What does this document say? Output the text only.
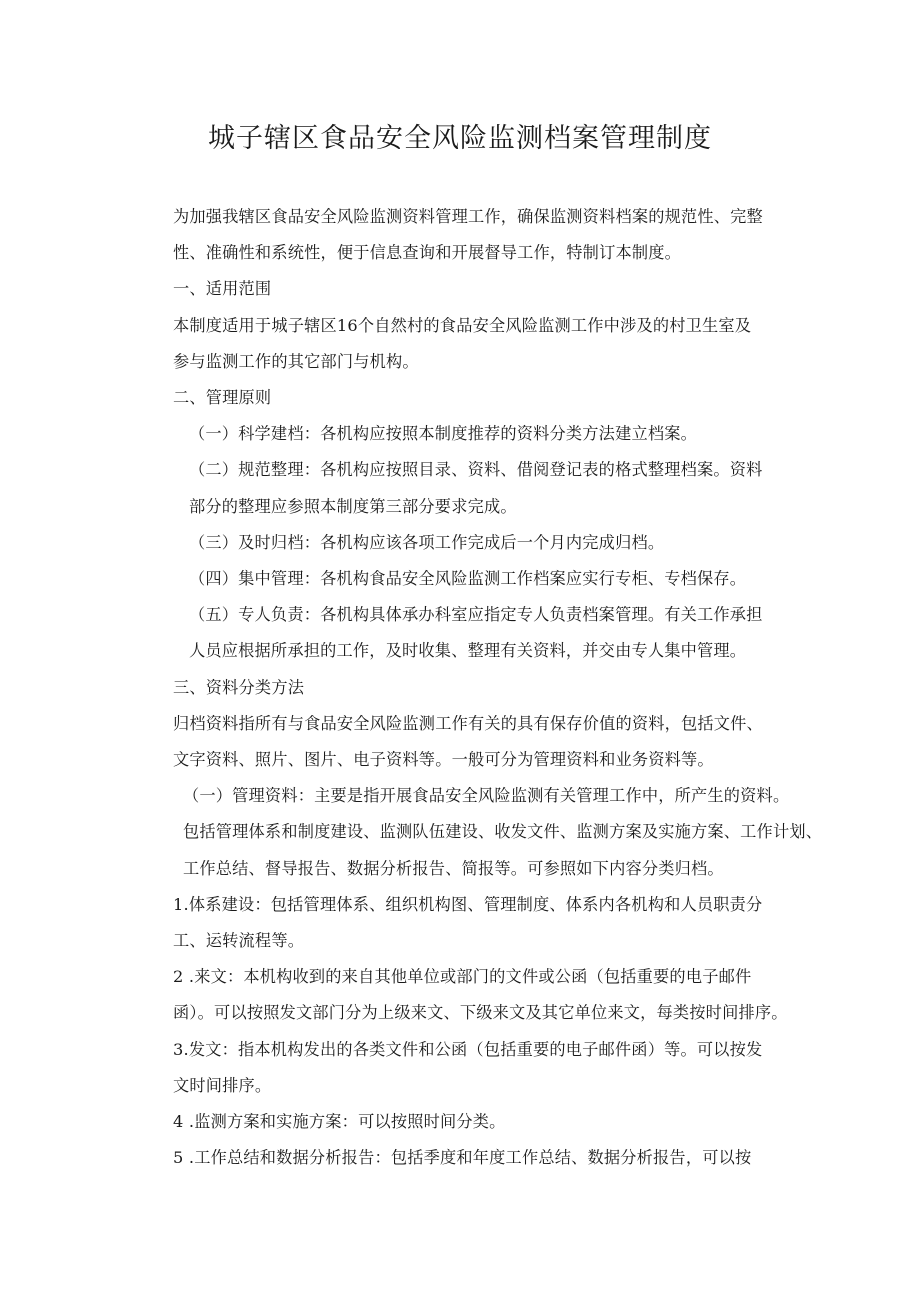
城子辖区食品安全风险监测档案管理制度

为加强我辖区食品安全风险监测资料管理工作，确保监测资料档案的规范性、完整
性、准确性和系统性，便于信息查询和开展督导工作，特制订本制度。

一、适用范围

本制度适用于城子辖区16个自然村的食品安全风险监测工作中涉及的村卫生室及
参与监测工作的其它部门与机构。

二、管理原则

（一）科学建档：各机构应按照本制度推荐的资料分类方法建立档案。

（二）规范整理：各机构应按照目录、资料、借阅登记表的格式整理档案。资料
部分的整理应参照本制度第三部分要求完成。

（三）及时归档：各机构应该各项工作完成后一个月内完成归档。

（四）集中管理：各机构食品安全风险监测工作档案应实行专柜、专档保存。

（五）专人负责：各机构具体承办科室应指定专人负责档案管理。有关工作承担
人员应根据所承担的工作，及时收集、整理有关资料，并交由专人集中管理。

三、资料分类方法

归档资料指所有与食品安全风险监测工作有关的具有保存价值的资料，包括文件、
文字资料、照片、图片、电子资料等。一般可分为管理资料和业务资料等。

（一）管理资料：主要是指开展食品安全风险监测有关管理工作中，所产生的资料。
包括管理体系和制度建设、监测队伍建设、收发文件、监测方案及实施方案、工作计划、
工作总结、督导报告、数据分析报告、简报等。可参照如下内容分类归档。

1.体系建设：包括管理体系、组织机构图、管理制度、体系内各机构和人员职责分
工、运转流程等。

2 .来文：本机构收到的来自其他单位或部门的文件或公函（包括重要的电子邮件
函）。可以按照发文部门分为上级来文、下级来文及其它单位来文，每类按时间排序。

3.发文：指本机构发出的各类文件和公函（包括重要的电子邮件函）等。可以按发
文时间排序。

4 .监测方案和实施方案：可以按照时间分类。

5 .工作总结和数据分析报告：包括季度和年度工作总结、数据分析报告，可以按
